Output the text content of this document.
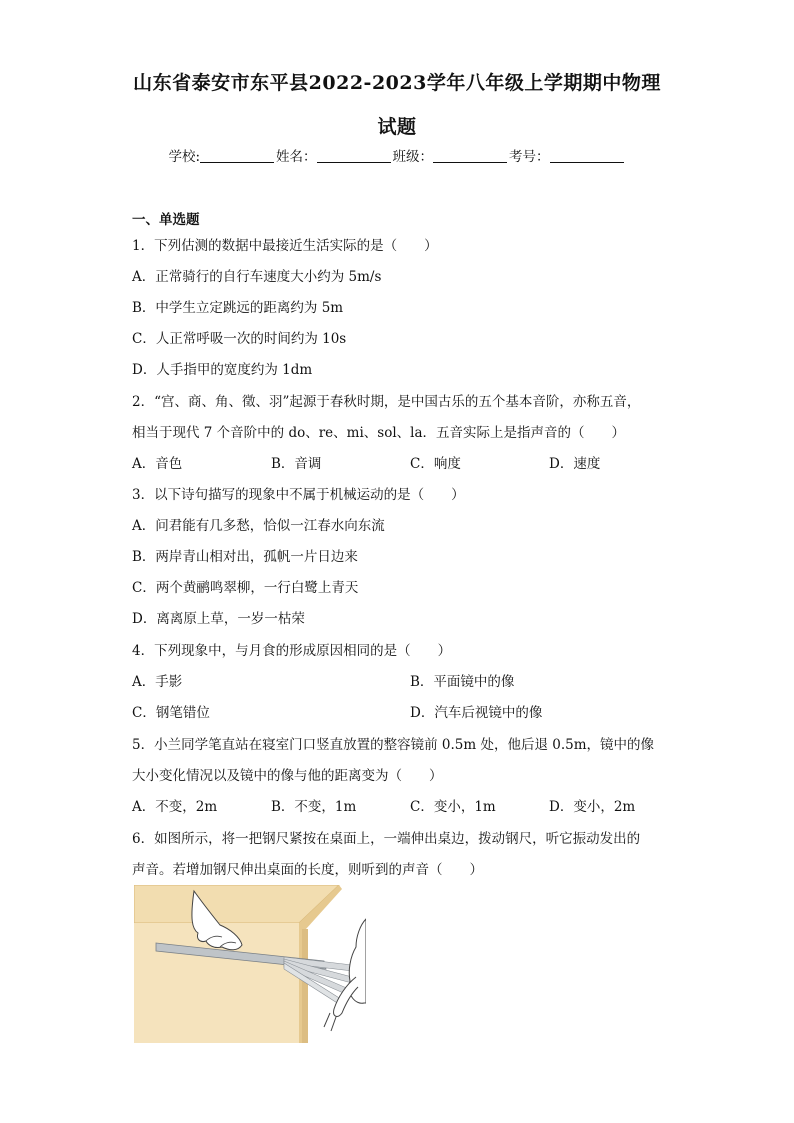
山东省泰安市东平县2022-2023学年八年级上学期期中物理
试题
学校:	姓名：	班级：	考号：
一、单选题
1．下列估测的数据中最接近生活实际的是（　　）
A．正常骑行的自行车速度大小约为 5m/s
B．中学生立定跳远的距离约为 5m
C．人正常呼吸一次的时间约为 10s
D．人手指甲的宽度约为 1dm
2．“宫、商、角、徵、羽”起源于春秋时期，是中国古乐的五个基本音阶，亦称五音，
相当于现代 7 个音阶中的 do、re、mi、sol、la．五音实际上是指声音的（　　）
A．音色	B．音调	C．响度	D．速度
3．以下诗句描写的现象中不属于机械运动的是（　　）
A．问君能有几多愁，恰似一江春水向东流
B．两岸青山相对出，孤帆一片日边来
C．两个黄鹂鸣翠柳，一行白鹭上青天
D．离离原上草，一岁一枯荣
4．下列现象中，与月食的形成原因相同的是（　　）
A．手影	B．平面镜中的像
C．钢笔错位	D．汽车后视镜中的像
5．小兰同学笔直站在寝室门口竖直放置的整容镜前 0.5m 处，他后退 0.5m，镜中的像
大小变化情况以及镜中的像与他的距离变为（　　）
A．不变，2m	B．不变，1m	C．变小，1m	D．变小，2m
6．如图所示，将一把钢尺紧按在桌面上，一端伸出桌边，拨动钢尺，听它振动发出的
声音。若增加钢尺伸出桌面的长度，则听到的声音（　　）
